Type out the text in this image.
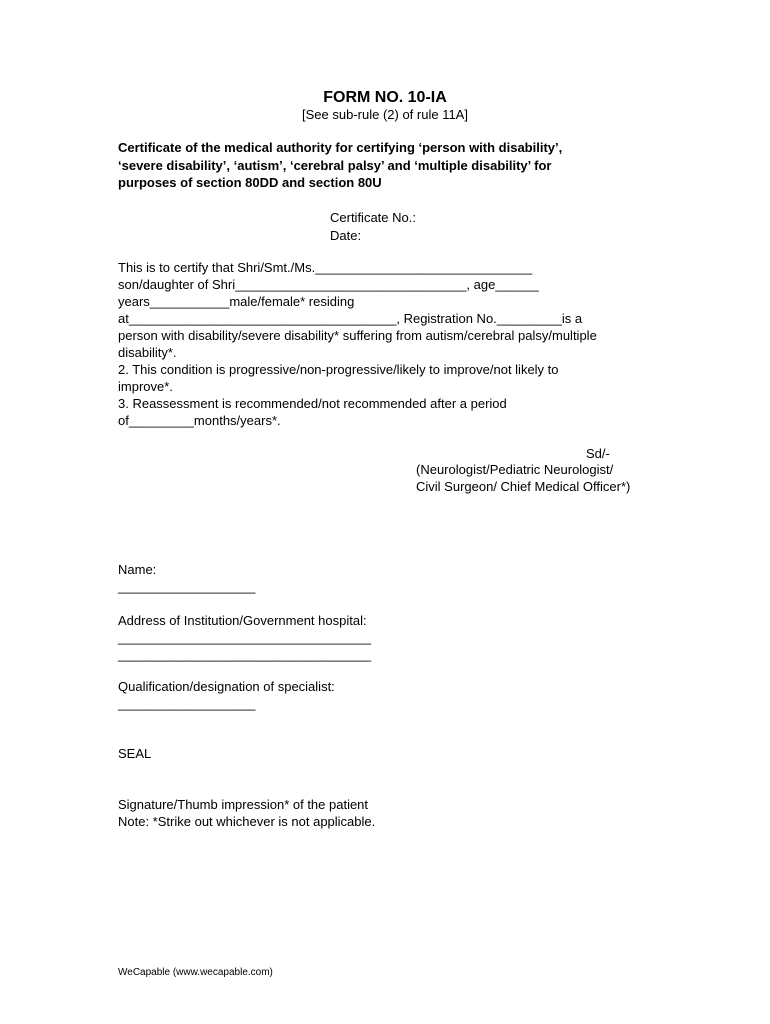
FORM NO. 10-IA
[See sub-rule (2) of rule 11A]
Certificate of the medical authority for certifying ‘person with disability’,
‘severe disability’, ‘autism’, ‘cerebral palsy’ and ‘multiple disability’ for
purposes of section 80DD and section 80U
Certificate No.:
Date:
This is to certify that Shri/Smt./Ms.______________________________
son/daughter of Shri________________________________, age______
years___________male/female* residing
at_____________________________________, Registration No._________is a
person with disability/severe disability* suffering from autism/cerebral palsy/multiple
disability*.
2. This condition is progressive/non-progressive/likely to improve/not likely to
improve*.
3. Reassessment is recommended/not recommended after a period
of_________months/years*.
Sd/-
(Neurologist/Pediatric Neurologist/
Civil Surgeon/ Chief Medical Officer*)
Name:
___________________
Address of Institution/Government hospital:
___________________________________
___________________________________
Qualification/designation of specialist:
___________________
SEAL
Signature/Thumb impression* of the patient
Note: *Strike out whichever is not applicable.
WeCapable (www.wecapable.com)
